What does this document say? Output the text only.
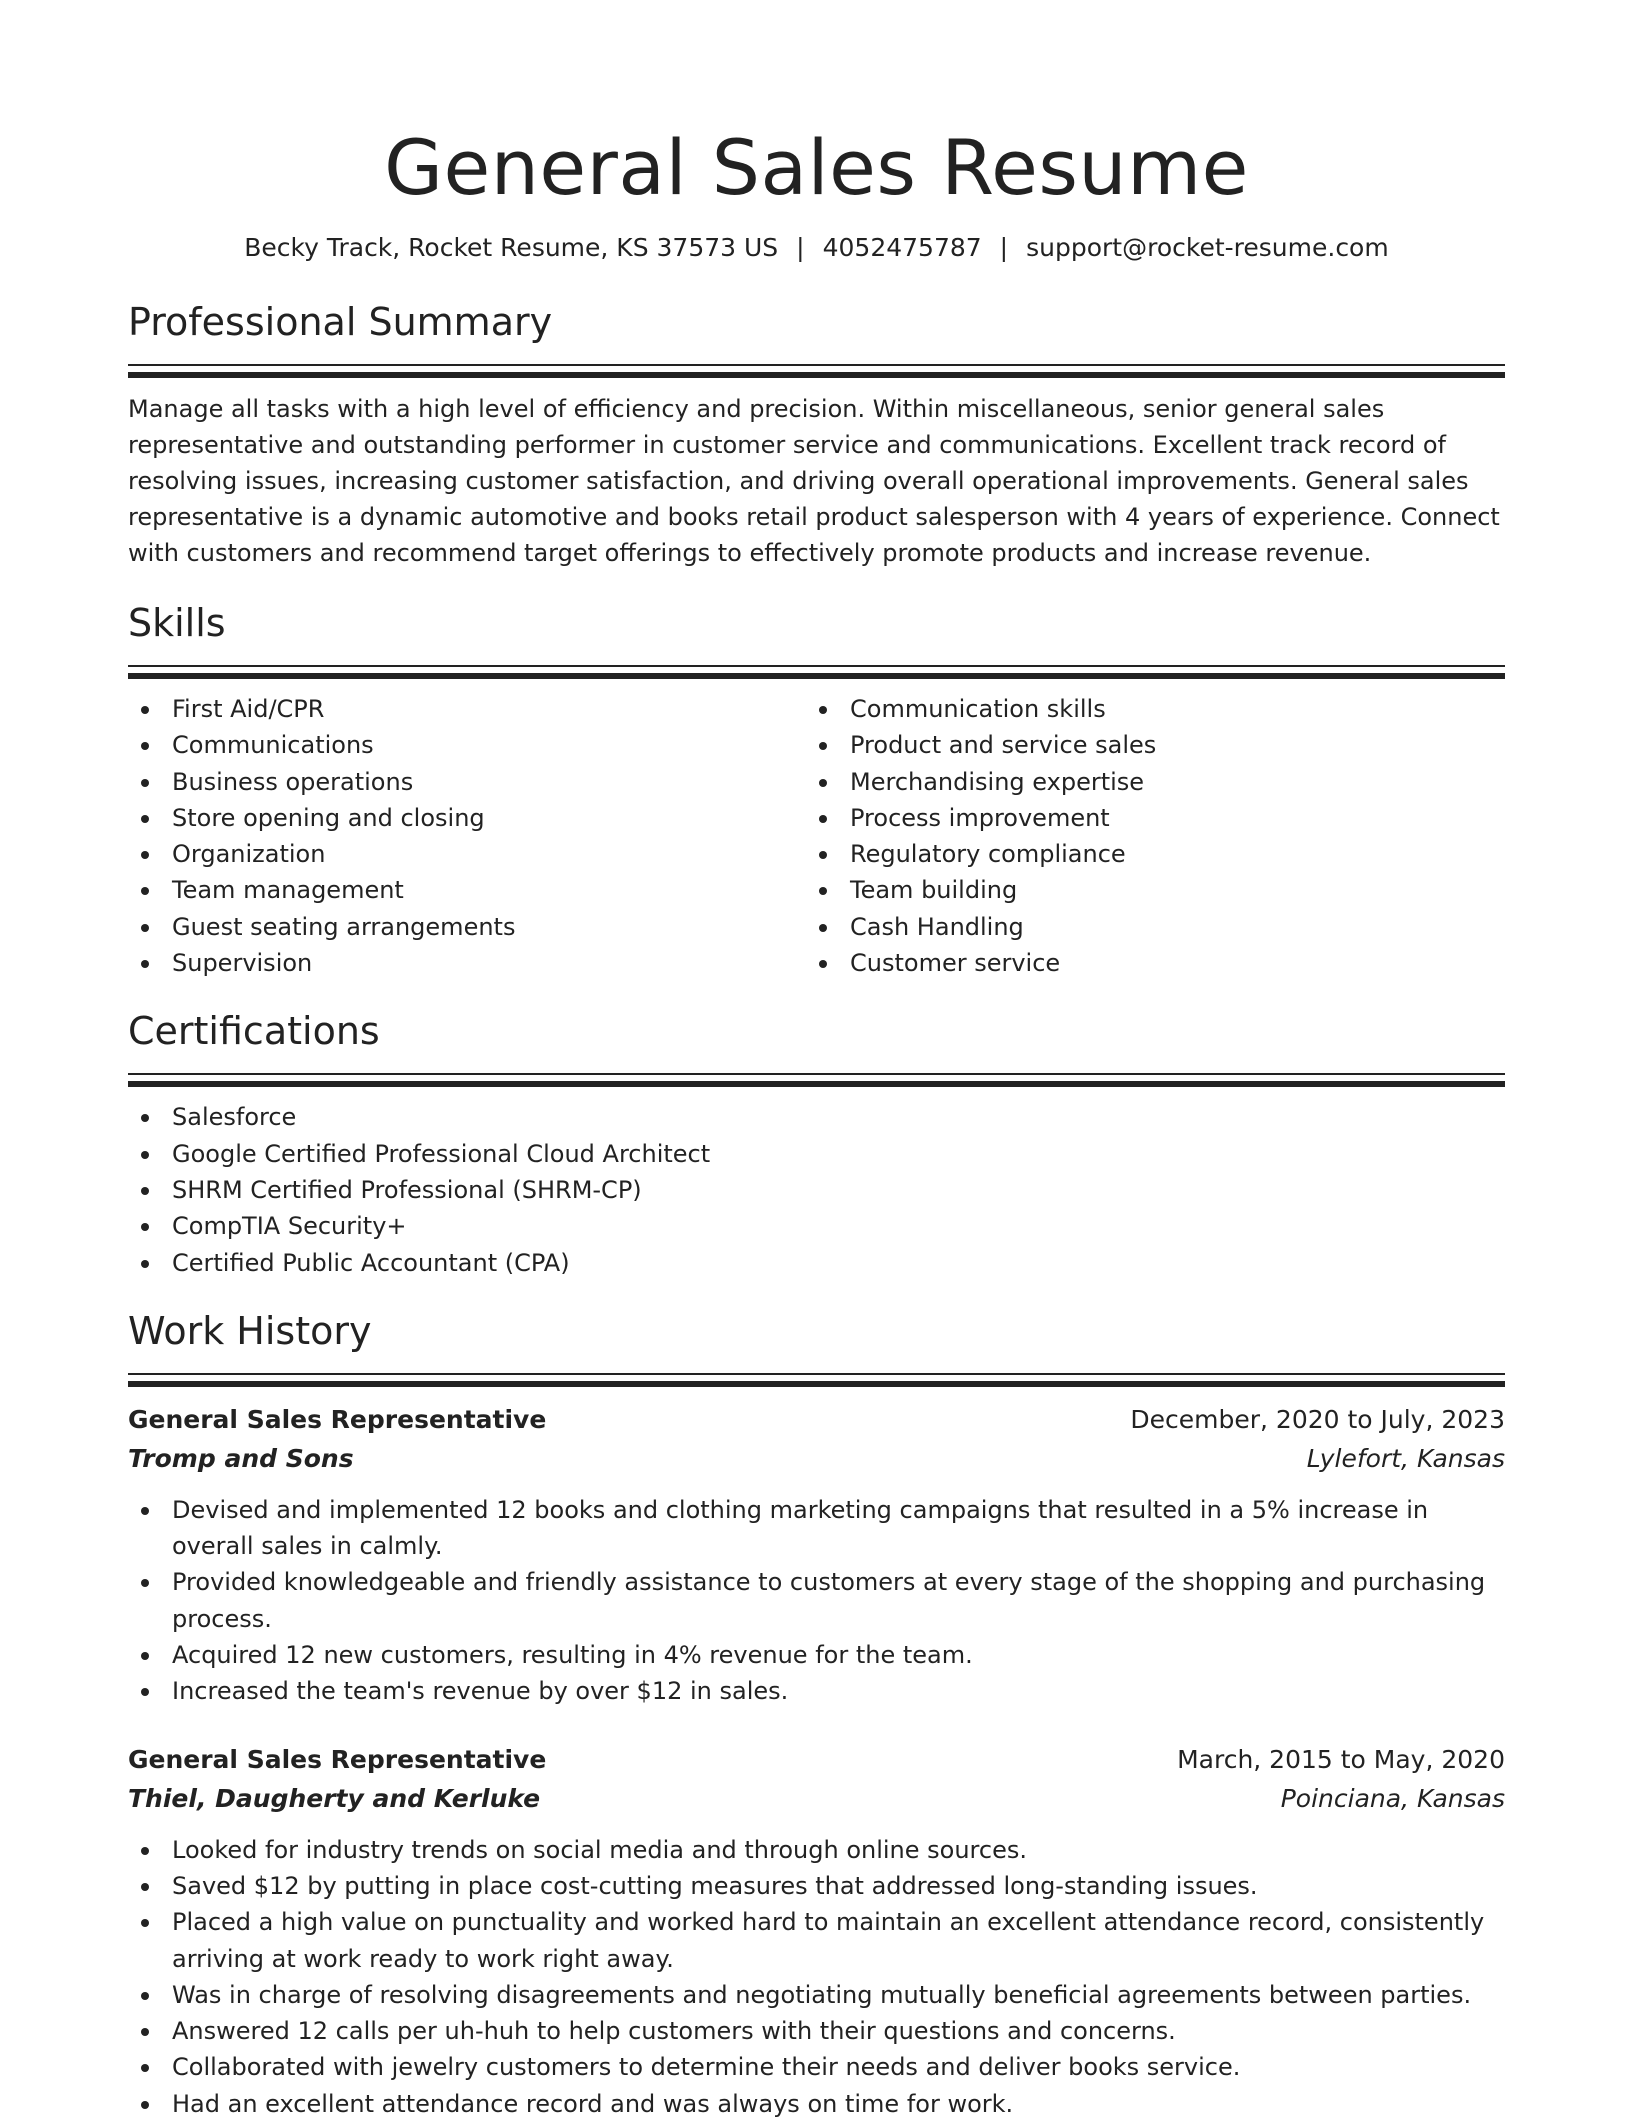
General Sales Resume
Becky Track, Rocket Resume, KS 37573 US | 4052475787 | support@rocket-resume.com
Professional Summary

Manage all tasks with a high level of efficiency and precision. Within miscellaneous, senior general sales representative and outstanding performer in customer service and communications. Excellent track record of resolving issues, increasing customer satisfaction, and driving overall operational improvements. General sales representative is a dynamic automotive and books retail product salesperson with 4 years of experience. Connect with customers and recommend target offerings to effectively promote products and increase revenue.

Skills
First Aid/CPR
Communications
Business operations
Store opening and closing
Organization
Team management
Guest seating arrangements
Supervision
Communication skills
Product and service sales
Merchandising expertise
Process improvement
Regulatory compliance
Team building
Cash Handling
Customer service
Certifications
Salesforce
Google Certified Professional Cloud Architect
SHRM Certified Professional (SHRM-CP)
CompTIA Security+
Certified Public Accountant (CPA)
Work History
General Sales Representative	December, 2020 to July, 2023
Tromp and Sons	Lylefort, Kansas
Devised and implemented 12 books and clothing marketing campaigns that resulted in a 5% increase in overall sales in calmly.
Provided knowledgeable and friendly assistance to customers at every stage of the shopping and purchasing process.
Acquired 12 new customers, resulting in 4% revenue for the team.
Increased the team's revenue by over $12 in sales.
General Sales Representative	March, 2015 to May, 2020
Thiel, Daugherty and Kerluke	Poinciana, Kansas
Looked for industry trends on social media and through online sources.
Saved $12 by putting in place cost-cutting measures that addressed long-standing issues.
Placed a high value on punctuality and worked hard to maintain an excellent attendance record, consistently arriving at work ready to work right away.
Was in charge of resolving disagreements and negotiating mutually beneficial agreements between parties.
Answered 12 calls per uh-huh to help customers with their questions and concerns.
Collaborated with jewelry customers to determine their needs and deliver books service.
Had an excellent attendance record and was always on time for work.
